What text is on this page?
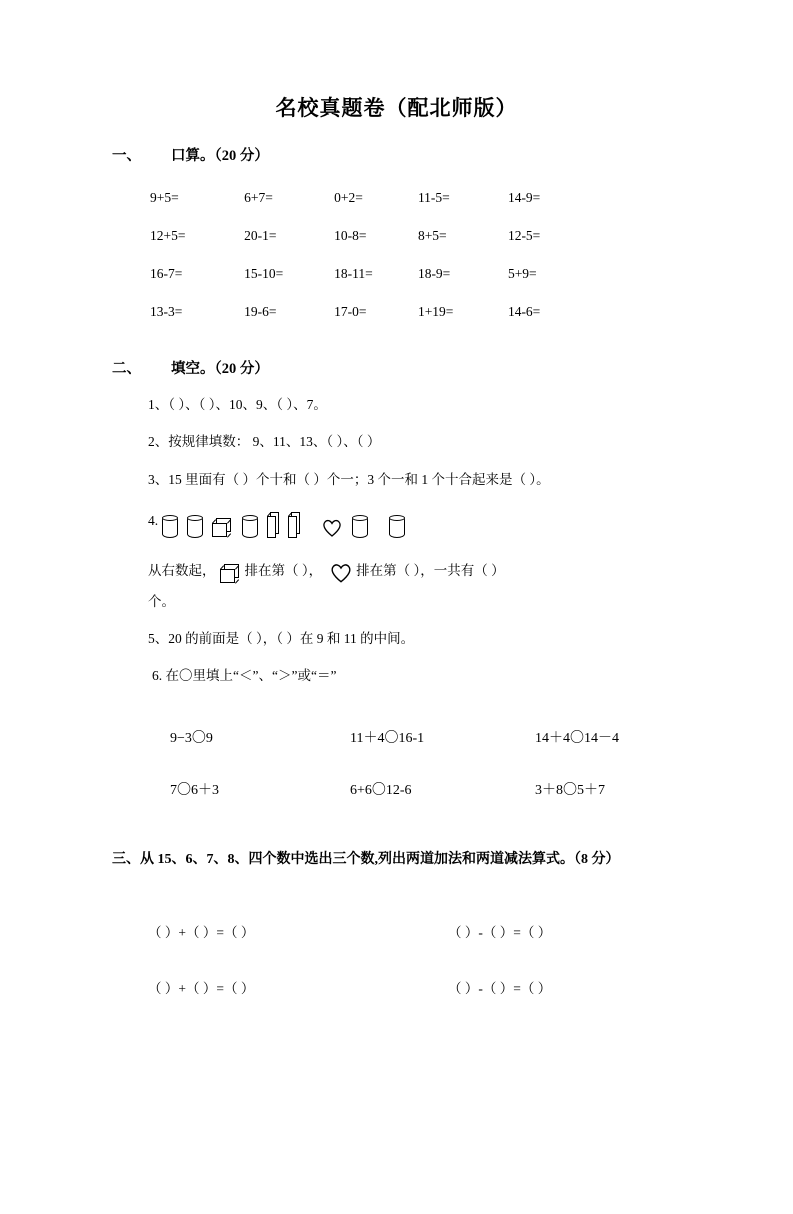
名校真题卷（配北师版）
一、 口算。（20 分）
9+5=	6+7=	0+2=	11-5=	14-9=
12+5=	20-1=	10-8=	8+5=	12-5=
16-7=	15-10=	18-11=	18-9=	5+9=
13-3=	19-6=	17-0=	1+19=	14-6=
二、 填空。（20 分）
1、（ ）、（ ）、10、9、（ ）、7。
2、按规律填数： 9、11、13、（ ）、（ ）
3、15 里面有（ ）个十和（ ）个一；3 个一和 1 个十合起来是（ ）。
4.
从右数起， 排在第（ ），	排在第（ ），一共有（ ）
个。
5、20 的前面是（ ），（ ）在 9 和 11 的中间。
6. 在〇里填上“＜”、“＞”或“＝”
9−3〇9	11＋4〇16-1	14＋4〇14－4
7〇6＋3	6+6〇12-6	3＋8〇5＋7
三、从 15、6、7、8、四个数中选出三个数,列出两道加法和两道减法算式。（8 分）
（ ）+（ ）=（ ）	（ ）-（ ）=（ ）
（ ）+（ ）=（ ）	（ ）-（ ）=（ ）
